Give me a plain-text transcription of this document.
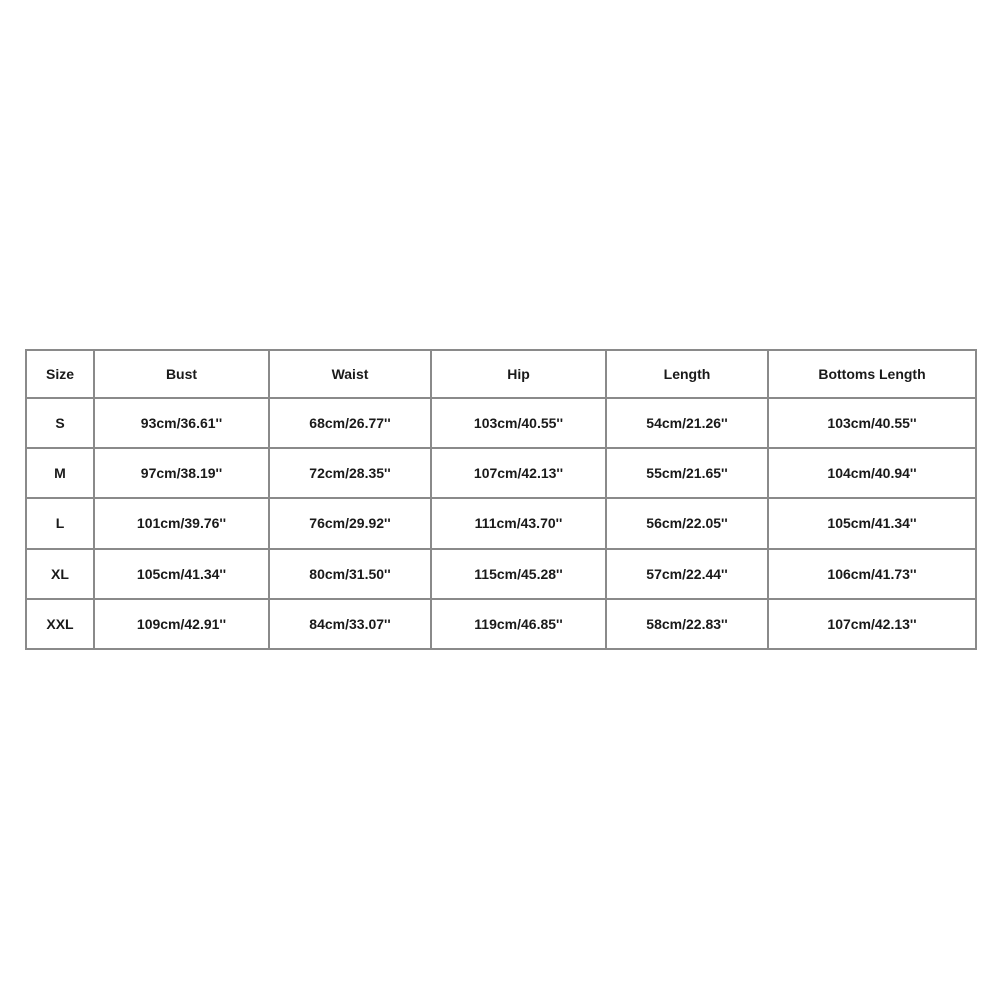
Size	Bust	Waist	Hip	Length	Bottoms Length
S	93cm/36.61''	68cm/26.77''	103cm/40.55''	54cm/21.26''	103cm/40.55''
M	97cm/38.19''	72cm/28.35''	107cm/42.13''	55cm/21.65''	104cm/40.94''
L	101cm/39.76''	76cm/29.92''	111cm/43.70''	56cm/22.05''	105cm/41.34''
XL	105cm/41.34''	80cm/31.50''	115cm/45.28''	57cm/22.44''	106cm/41.73''
XXL	109cm/42.91''	84cm/33.07''	119cm/46.85''	58cm/22.83''	107cm/42.13''
